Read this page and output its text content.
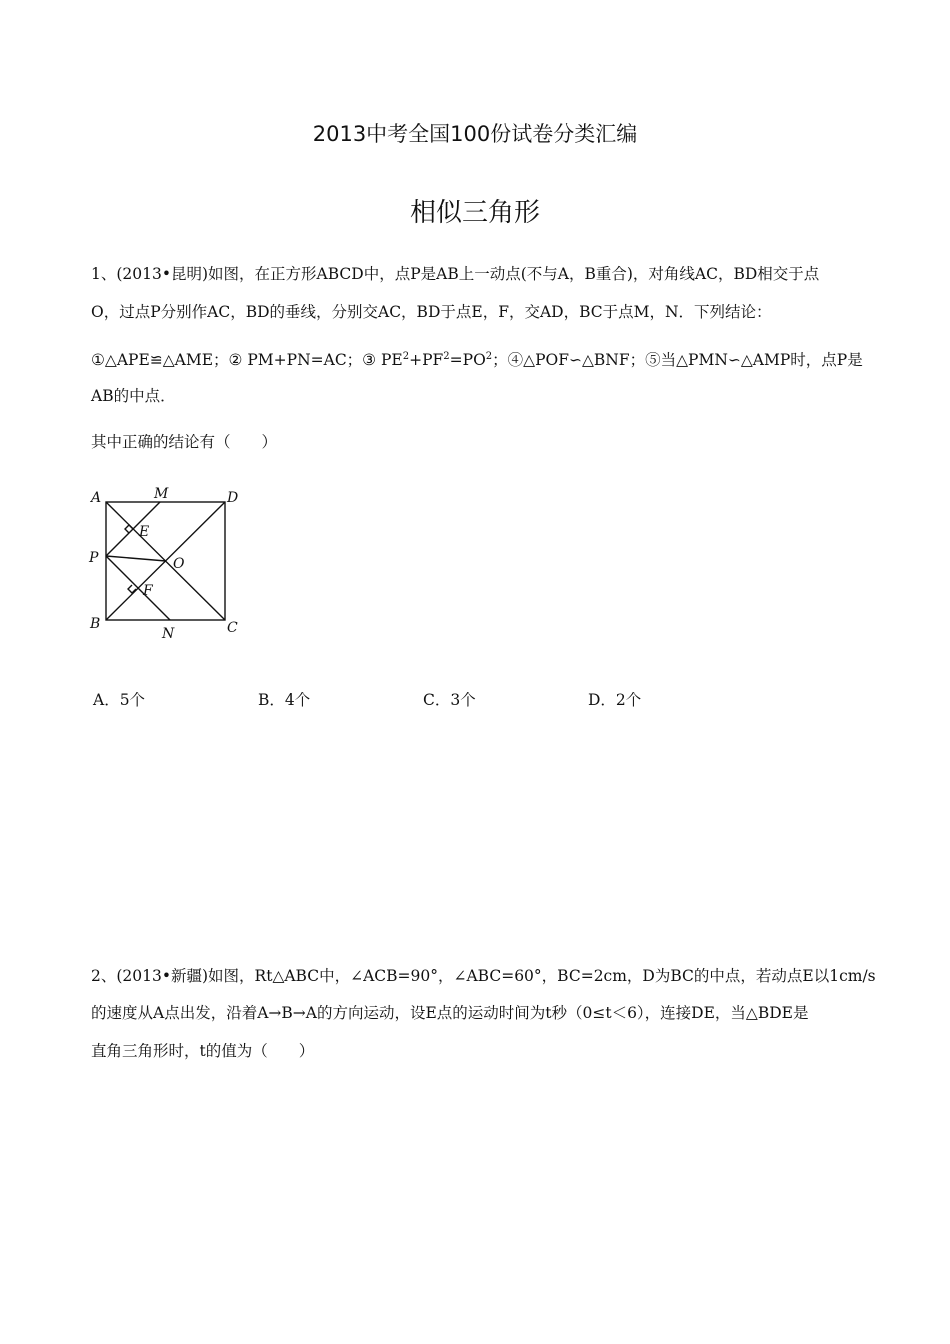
2013中考全国100份试卷分类汇编
相似三角形
1、(2013•昆明)如图，在正方形ABCD中，点P是AB上一动点(不与A，B重合)，对角线AC，BD相交于点
O，过点P分别作AC，BD的垂线，分别交AC，BD于点E，F，交AD，BC于点M，N．下列结论：
①△APE≌△AME；② PM+PN=AC；③ $PE^2+PF^2=PO^2$；④△POF∽△BNF；⑤当△PMN∽△AMP时，点P是
AB的中点．
其中正确的结论有（　　）
A	M	D
E
P	O
F
B
N	C
A．5个	B．4个	C．3个	D．2个
2、(2013•新疆)如图，Rt△ABC中，∠ACB=90°，∠ABC=60°，BC=2cm，D为BC的中点，若动点E以1cm/s
的速度从A点出发，沿着A→B→A的方向运动，设E点的运动时间为t秒（0≤t＜6），连接DE，当△BDE是
直角三角形时，t的值为（　　）
